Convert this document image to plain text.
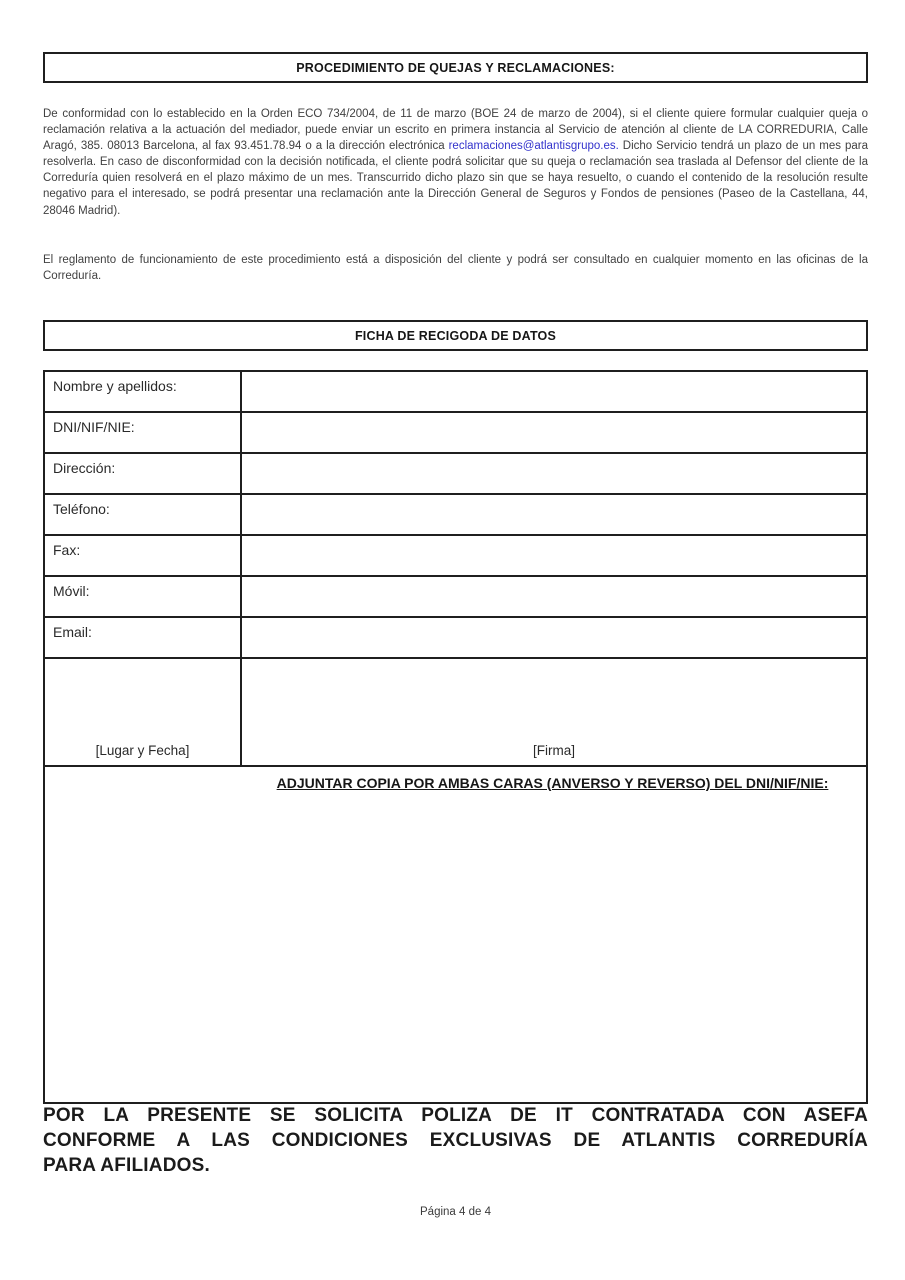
PROCEDIMIENTO DE QUEJAS Y RECLAMACIONES:
De conformidad con lo establecido en la Orden ECO 734/2004, de 11 de marzo (BOE 24 de marzo de 2004), si el cliente quiere formular cualquier queja o reclamación relativa a la actuación del mediador, puede enviar un escrito en primera instancia al Servicio de atención al cliente de LA CORREDURIA, Calle Aragó, 385. 08013 Barcelona, al fax 93.451.78.94 o a la dirección electrónica reclamaciones@atlantisgrupo.es. Dicho Servicio tendrá un plazo de un mes para resolverla. En caso de disconformidad con la decisión notificada, el cliente podrá solicitar que su queja o reclamación sea traslada al Defensor del cliente de la Correduría quien resolverá en el plazo máximo de un mes. Transcurrido dicho plazo sin que se haya resuelto, o cuando el contenido de la resolución resulte negativo para el interesado, se podrá presentar una reclamación ante la Dirección General de Seguros y Fondos de pensiones (Paseo de la Castellana, 44, 28046 Madrid).
El reglamento de funcionamiento de este procedimiento está a disposición del cliente y podrá ser consultado en cualquier momento en las oficinas de la Correduría.
FICHA DE RECIGODA DE DATOS
Nombre y apellidos:
DNI/NIF/NIE:
Dirección:
Teléfono:
Fax:
Móvil:
Email:
[Lugar y Fecha]	[Firma]
ADJUNTAR COPIA POR AMBAS CARAS (ANVERSO Y REVERSO) DEL DNI/NIF/NIE:
POR LA PRESENTE SE SOLICITA POLIZA DE IT CONTRATADA CON ASEFA
CONFORME A LAS CONDICIONES EXCLUSIVAS DE ATLANTIS CORREDURÍA
PARA AFILIADOS.
Página 4 de 4
